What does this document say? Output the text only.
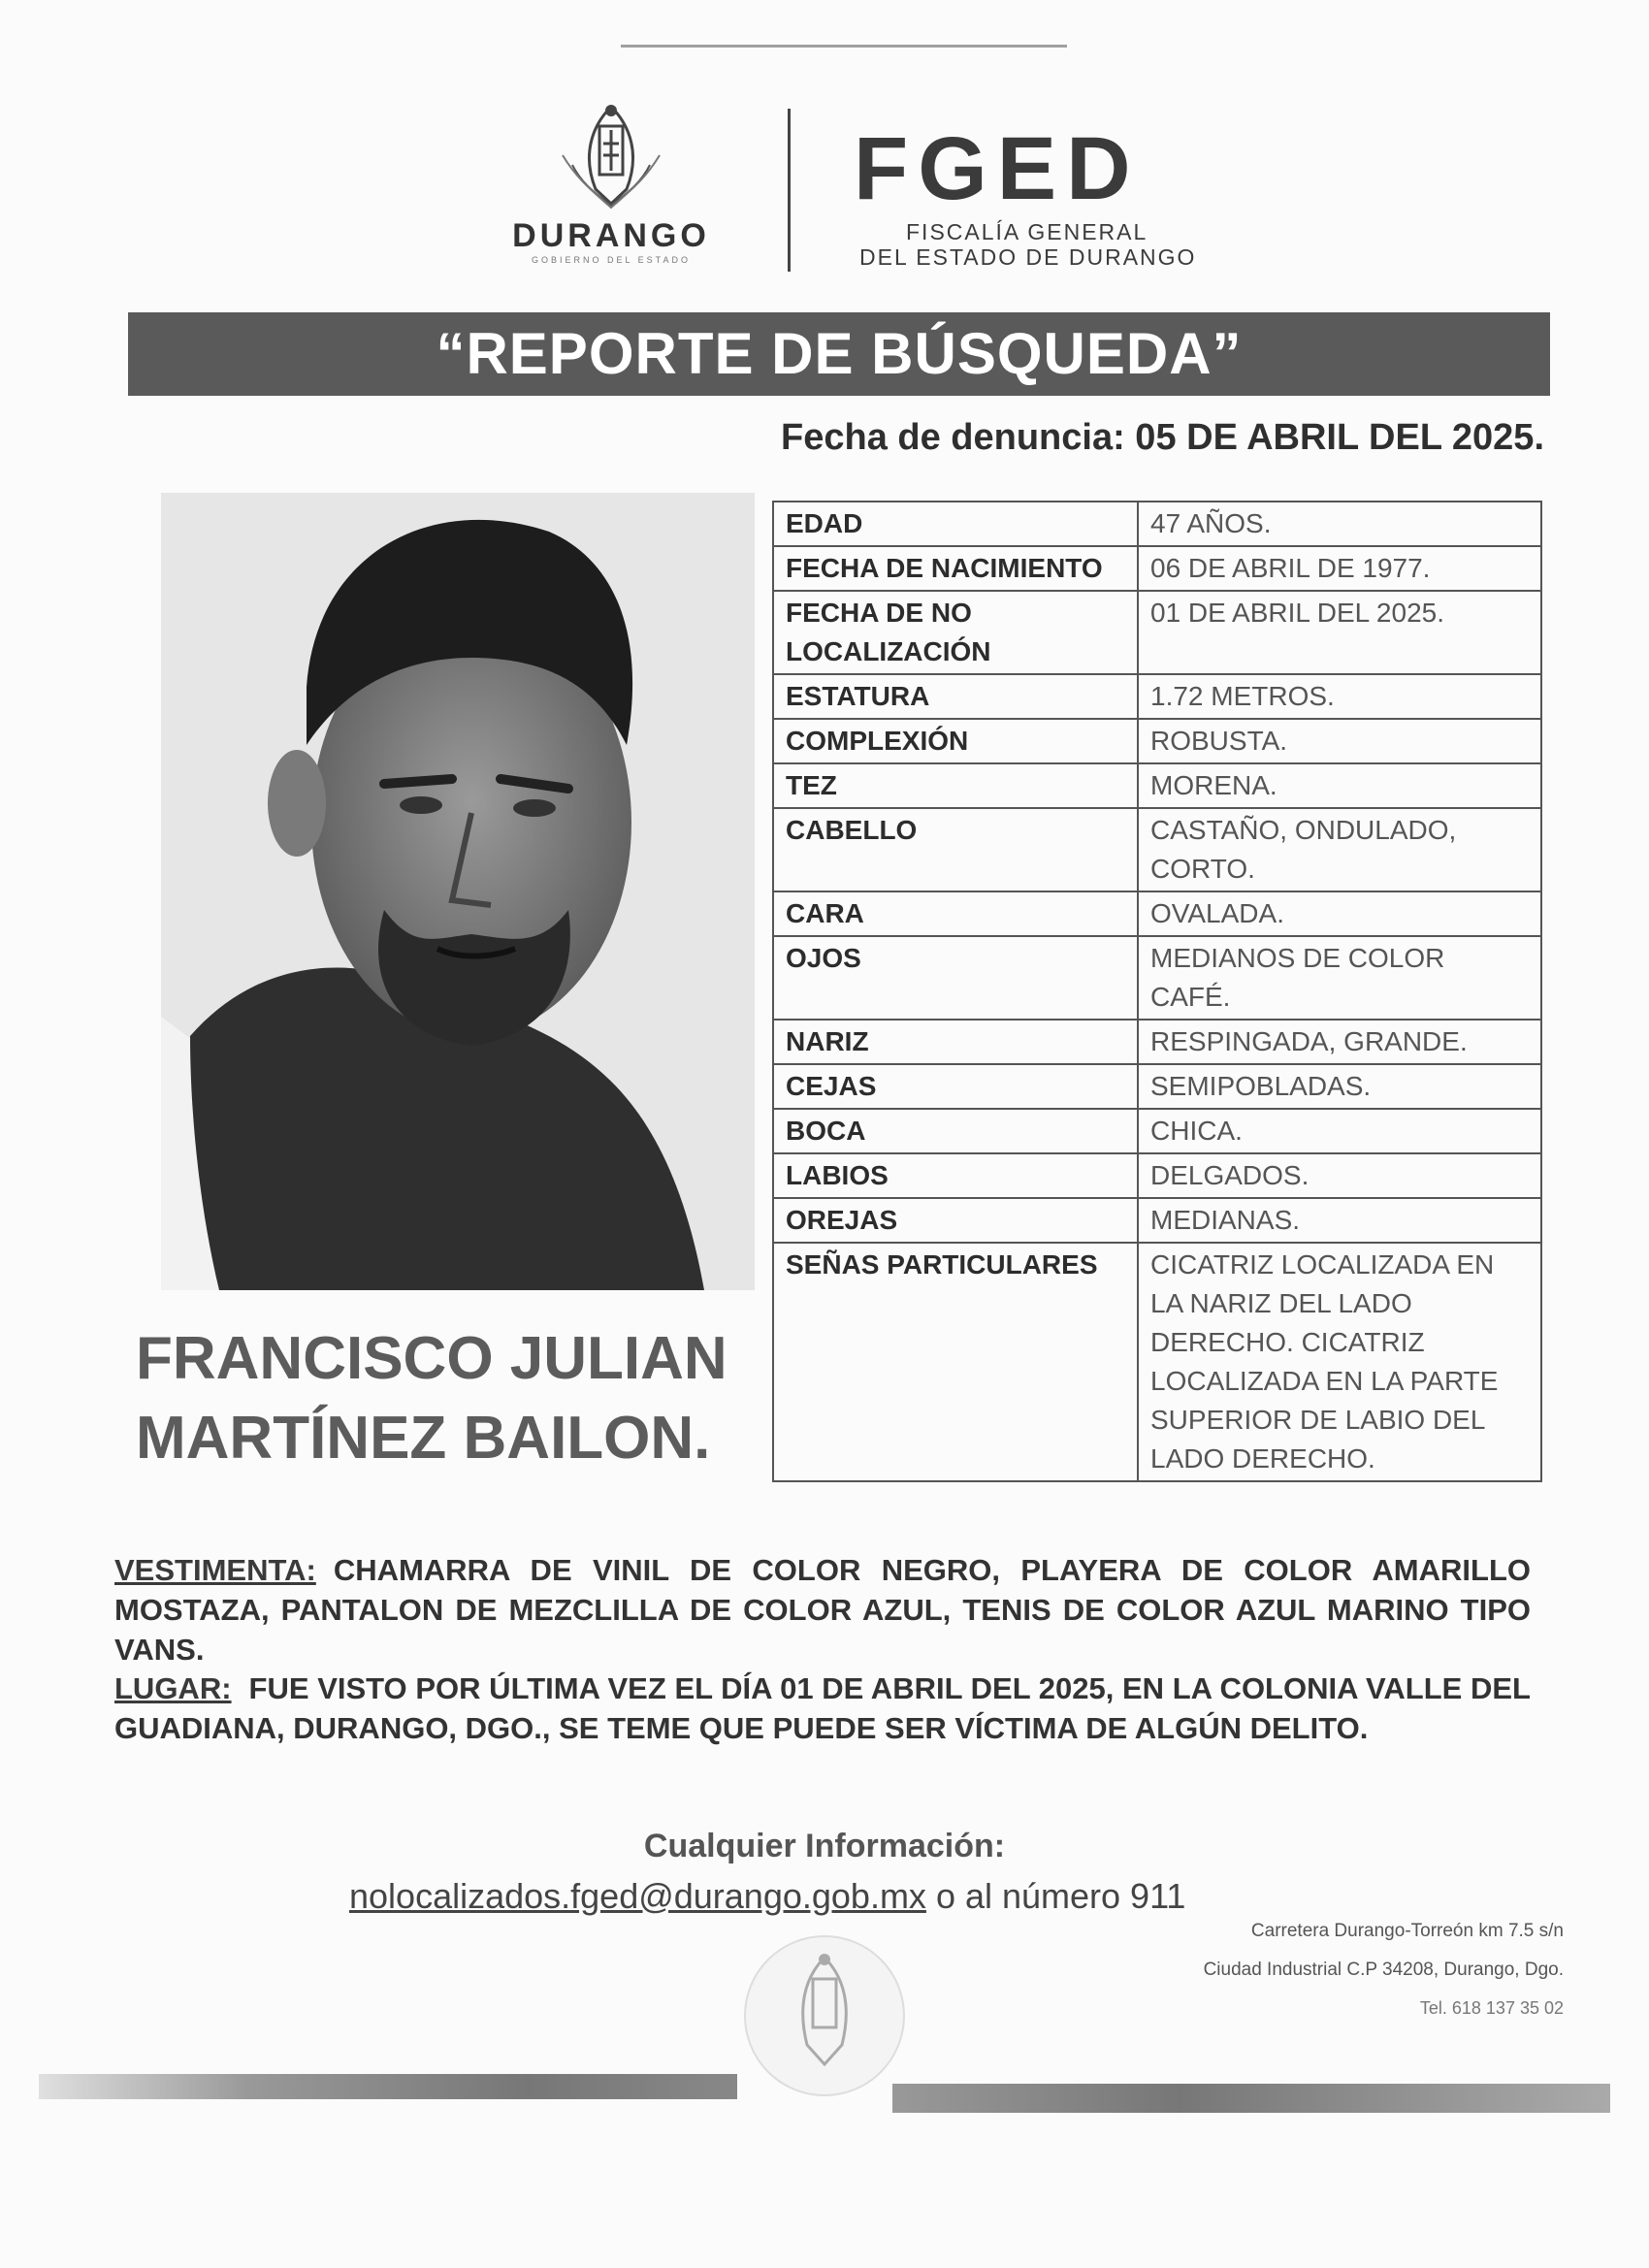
DURANGO
GOBIERNO DEL ESTADO
FGED
FISCALÍA GENERAL
DEL ESTADO DE DURANGO
“REPORTE DE BÚSQUEDA”
Fecha de denuncia: 05 DE ABRIL DEL 2025.
EDAD	47 AÑOS.
FECHA DE NACIMIENTO	06 DE ABRIL DE 1977.
FECHA DE NO LOCALIZACIÓN	01 DE ABRIL DEL 2025.
ESTATURA	1.72 METROS.
COMPLEXIÓN	ROBUSTA.
TEZ	MORENA.
CABELLO	CASTAÑO, ONDULADO, CORTO.
CARA	OVALADA.
OJOS	MEDIANOS DE COLOR CAFÉ.
NARIZ	RESPINGADA, GRANDE.
CEJAS	SEMIPOBLADAS.
BOCA	CHICA.
LABIOS	DELGADOS.
OREJAS	MEDIANAS.
SEÑAS PARTICULARES	CICATRIZ LOCALIZADA EN LA NARIZ DEL LADO DERECHO. CICATRIZ LOCALIZADA EN LA PARTE SUPERIOR DE LABIO DEL LADO DERECHO.
FRANCISCO JULIAN
MARTÍNEZ BAILON.
VESTIMENTA: CHAMARRA DE VINIL DE COLOR NEGRO, PLAYERA DE COLOR AMARILLO MOSTAZA, PANTALON DE MEZCLILLA DE COLOR AZUL, TENIS DE COLOR AZUL MARINO TIPO VANS.
LUGAR: FUE VISTO POR ÚLTIMA VEZ EL DÍA 01 DE ABRIL DEL 2025, EN LA COLONIA VALLE DEL GUADIANA, DURANGO, DGO., SE TEME QUE PUEDE SER VÍCTIMA DE ALGÚN DELITO.
Cualquier Información:
nolocalizados.fged@durango.gob.mx o al número 911
Carretera Durango-Torreón km 7.5 s/n
Ciudad Industrial C.P 34208, Durango, Dgo.
Tel. 618 137 35 02
